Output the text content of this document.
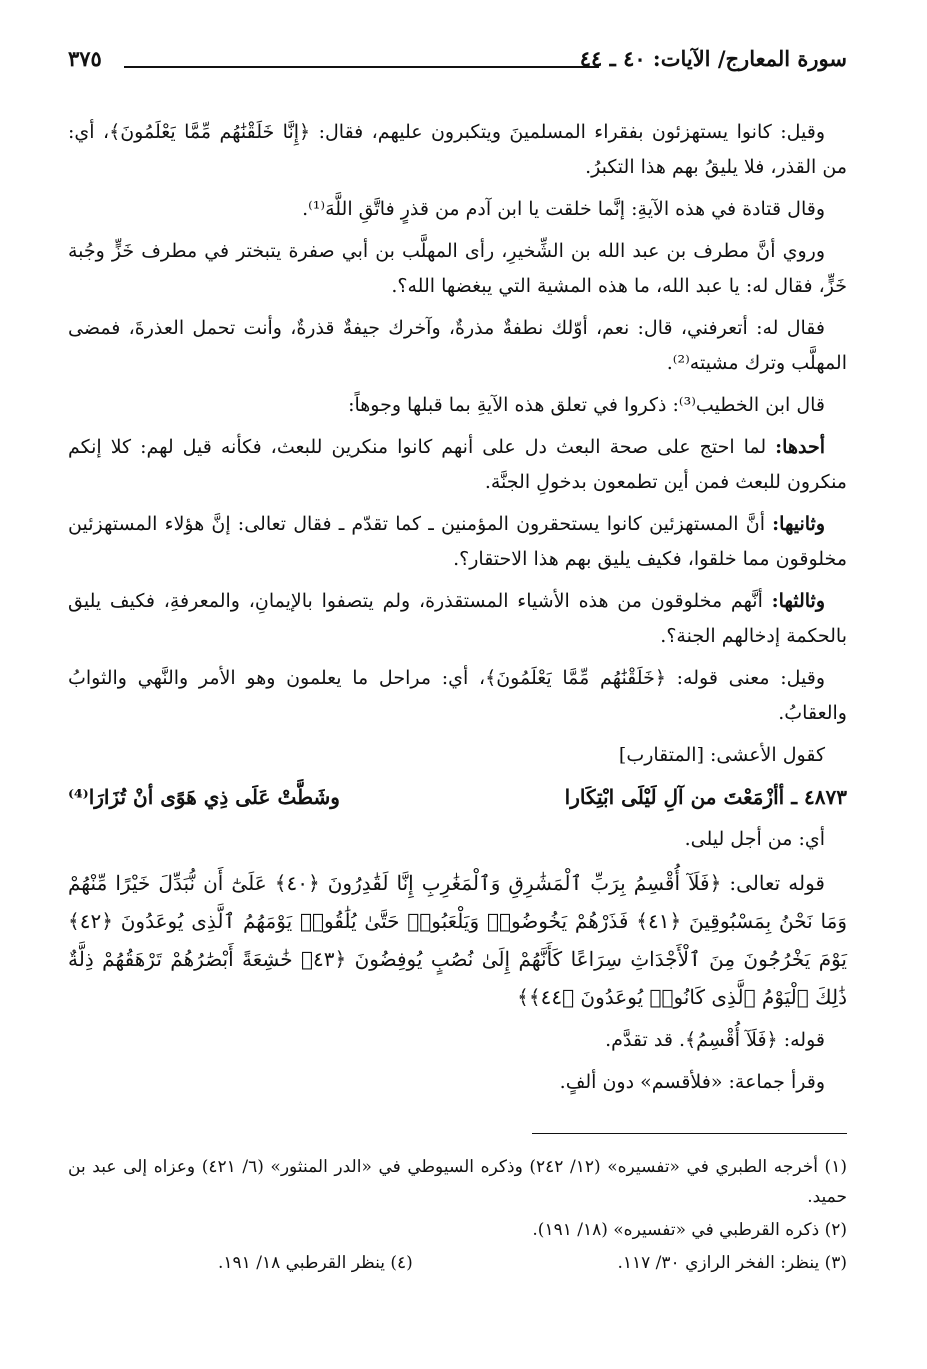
سورة المعارج/ الآيات: ٤٠ ـ ٤٤
٣٧٥

وقيل: كانوا يستهزئون بفقراء المسلمينَ ويتكبرون عليهم، فقال: ﴿إِنَّا خَلَقْنَٰهُم مِّمَّا يَعْلَمُونَ﴾، أي: من القذر، فلا يليقُ بهم هذا التكبرُ.

وقال قتادة في هذه الآيةِ: إنَّما خلقت يا ابن آدم من قذرٍ فاتَّقِ اللَّهَ⁽¹⁾.

وروي أنَّ مطرف بن عبد الله بن الشِّخيرِ، رأى المهلَّب بن أبي صفرة يتبختر في مطرف خَزٍّ وجُبة خَزٍّ، فقال له: يا عبد الله، ما هذه المشية التي يبغضها الله؟.

فقال له: أتعرفني، قال: نعم، أوّلك نطفةٌ مذرةٌ، وآخرك جيفةٌ قذرةٌ، وأنت تحمل العذرةَ، فمضى المهلَّب وترك مشيته⁽²⁾.

قال ابن الخطيب⁽³⁾: ذكروا في تعلق هذه الآيةِ بما قبلها وجوهاً:

أحدها: لما احتج على صحة البعث دل على أنهم كانوا منكرين للبعث، فكأنه قيل لهم: كلا إنكم منكرون للبعث فمن أين تطمعون بدخولِ الجنَّة.

وثانيها: أنَّ المستهزئين كانوا يستحقرون المؤمنين ـ كما تقدّم ـ فقال تعالى: إنَّ هؤلاء المستهزئين مخلوقون مما خلقوا، فكيف يليق بهم هذا الاحتقار؟.

وثالثها: أنَّهم مخلوقون من هذه الأشياء المستقذرة، ولم يتصفوا بالإيمانِ، والمعرفةِ، فكيف يليق بالحكمة إدخالهم الجنة؟.

وقيل: معنى قوله: ﴿خَلَقْنَٰهُم مِّمَّا يَعْلَمُونَ﴾، أي: مراحل ما يعلمون وهو الأمر والنَّهي والثوابُ والعقابُ.

كقول الأعشى: [المتقارب]

٤٨٧٣ ـ أأزْمَعْتَ من آلِ لَيْلَى ابْتِكَارا
وشَطَّتْ عَلَى ذِي هَوًى أنْ تُزَارَا⁽⁴⁾

أي: من أجل ليلى.

قوله تعالى: ﴿فَلَآ أُقْسِمُ بِرَبِّ ٱلْمَشَٰرِقِ وَٱلْمَغَٰرِبِ إِنَّا لَقَٰدِرُونَ ﴿٤٠﴾ عَلَىٰٓ أَن نُّبَدِّلَ خَيْرًا مِّنْهُمْ وَمَا نَحْنُ بِمَسْبُوقِينَ ﴿٤١﴾ فَذَرْهُمْ يَخُوضُوا۟ وَيَلْعَبُوا۟ حَتَّىٰ يُلَٰقُوا۟ يَوْمَهُمُ ٱلَّذِى يُوعَدُونَ ﴿٤٢﴾ يَوْمَ يَخْرُجُونَ مِنَ ٱلْأَجْدَاثِ سِرَاعًا كَأَنَّهُمْ إِلَىٰ نُصُبٍ يُوفِضُونَ ﴿٤٣﴾ خَٰشِعَةً أَبْصَٰرُهُمْ تَرْهَقُهُمْ ذِلَّةٌ ذَٰلِكَ ٱلْيَوْمُ ٱلَّذِى كَانُوا۟ يُوعَدُونَ ﴿٤٤﴾﴾

قوله: ﴿فَلَآ أُقْسِمُ﴾. قد تقدَّم.

وقرأ جماعة: «فلأقسم» دون ألفٍ.

(١) أخرجه الطبري في «تفسيره» (١٢/ ٢٤٢) وذكره السيوطي في «الدر المنثور» (٦/ ٤٢١) وعزاه إلى عبد بن حميد.

(٢) ذكره القرطبي في «تفسيره» (١٨/ ١٩١).

(٣) ينظر: الفخر الرازي ٣٠/ ١١٧.
(٤) ينظر القرطبي ١٨/ ١٩١.
